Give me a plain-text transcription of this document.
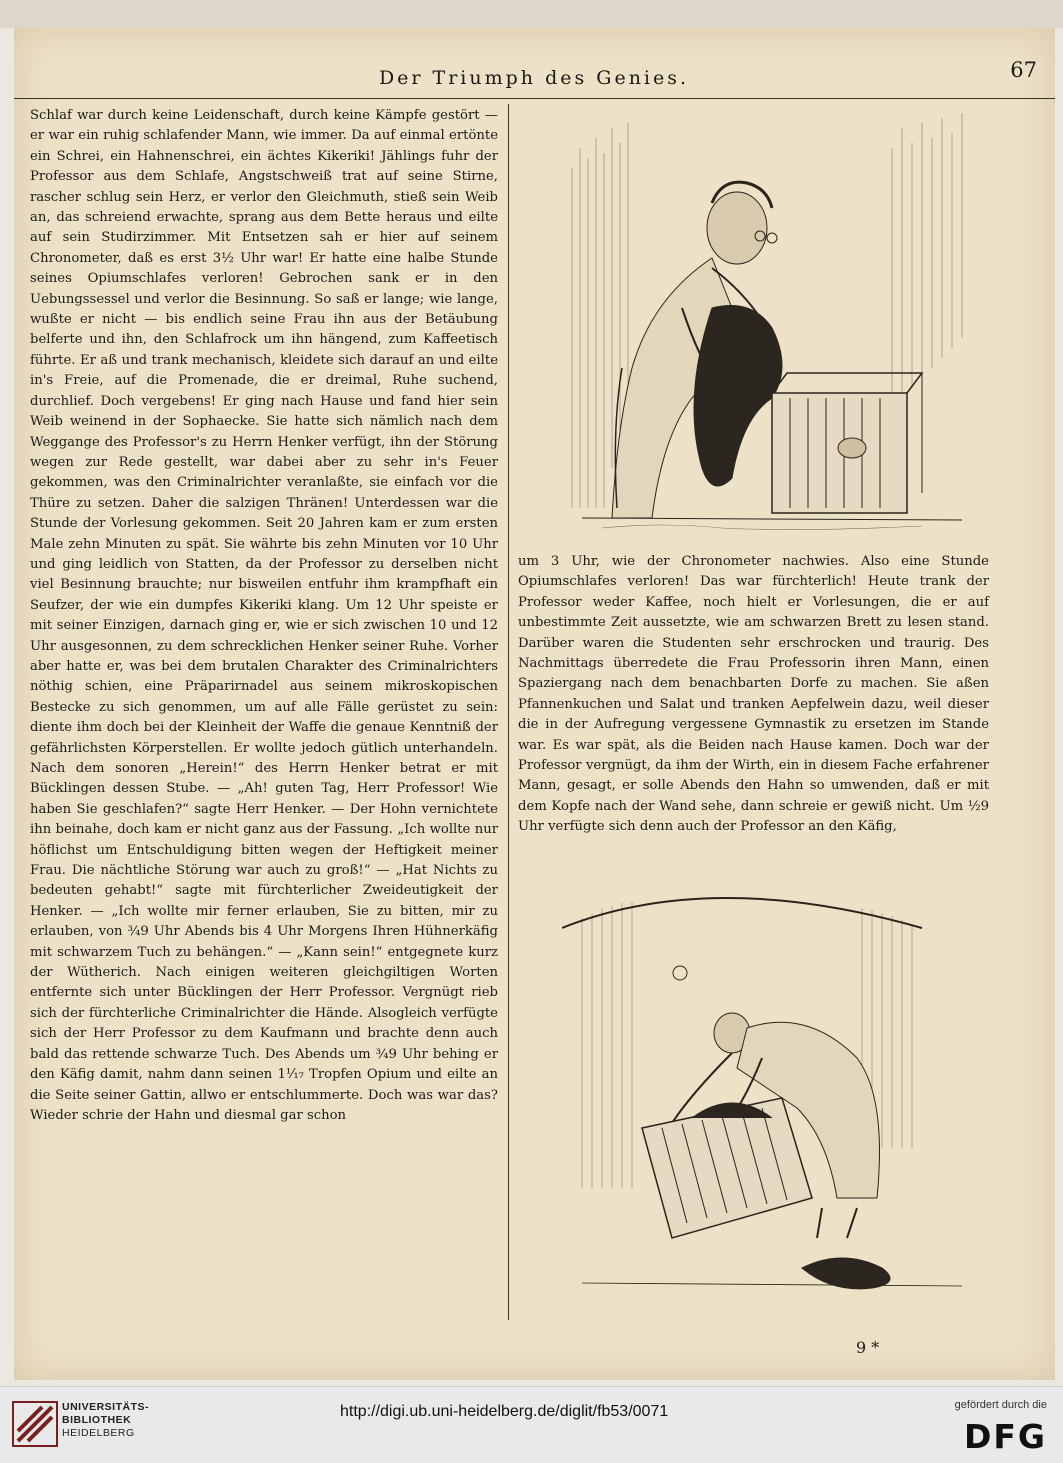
Der Triumph des Genies.	67

Schlaf war durch keine Leidenschaft, durch keine Kämpfe gestört — er war ein ruhig schlafender Mann, wie immer. Da auf einmal ertönte ein Schrei, ein Hahnenschrei, ein ächtes Kikeriki! Jählings fuhr der Professor aus dem Schlafe, Angstschweiß trat auf seine Stirne, rascher schlug sein Herz, er verlor den Gleichmuth, stieß sein Weib an, das schreiend erwachte, sprang aus dem Bette heraus und eilte auf sein Studirzimmer. Mit Entsetzen sah er hier auf seinem Chronometer, daß es erst 3½ Uhr war! Er hatte eine halbe Stunde seines Opiumschlafes verloren! Gebrochen sank er in den Uebungssessel und verlor die Besinnung. So saß er lange; wie lange, wußte er nicht — bis endlich seine Frau ihn aus der Betäubung belferte und ihn, den Schlafrock um ihn hängend, zum Kaffeetisch führte. Er aß und trank mechanisch, kleidete sich darauf an und eilte in's Freie, auf die Promenade, die er dreimal, Ruhe suchend, durchlief. Doch vergebens! Er ging nach Hause und fand hier sein Weib weinend in der Sophaecke. Sie hatte sich nämlich nach dem Weggange des Professor's zu Herrn Henker verfügt, ihn der Störung wegen zur Rede gestellt, war dabei aber zu sehr in's Feuer gekommen, was den Criminalrichter veranlaßte, sie einfach vor die Thüre zu setzen. Daher die salzigen Thränen! Unterdessen war die Stunde der Vorlesung gekommen. Seit 20 Jahren kam er zum ersten Male zehn Minuten zu spät. Sie währte bis zehn Minuten vor 10 Uhr und ging leidlich von Statten, da der Professor zu derselben nicht viel Besinnung brauchte; nur bisweilen entfuhr ihm krampfhaft ein Seufzer, der wie ein dumpfes Kikeriki klang. Um 12 Uhr speiste er mit seiner Einzigen, darnach ging er, wie er sich zwischen 10 und 12 Uhr ausgesonnen, zu dem schrecklichen Henker seiner Ruhe. Vorher aber hatte er, was bei dem brutalen Charakter des Criminalrichters nöthig schien, eine Präparirnadel aus seinem mikroskopischen Bestecke zu sich genommen, um auf alle Fälle gerüstet zu sein: diente ihm doch bei der Kleinheit der Waffe die genaue Kenntniß der gefährlichsten Körperstellen. Er wollte jedoch gütlich unterhandeln. Nach dem sonoren „Herein!“ des Herrn Henker betrat er mit Bücklingen dessen Stube. — „Ah! guten Tag, Herr Professor! Wie haben Sie geschlafen?“ sagte Herr Henker. — Der Hohn vernichtete ihn beinahe, doch kam er nicht ganz aus der Fassung. „Ich wollte nur höflichst um Entschuldigung bitten wegen der Heftigkeit meiner Frau. Die nächtliche Störung war auch zu groß!“ — „Hat Nichts zu bedeuten gehabt!“ sagte mit fürchterlicher Zweideutigkeit der Henker. — „Ich wollte mir ferner erlauben, Sie zu bitten, mir zu erlauben, von ¾9 Uhr Abends bis 4 Uhr Morgens Ihren Hühnerkäfig mit schwarzem Tuch zu behängen.“ — „Kann sein!“ entgegnete kurz der Wütherich. Nach einigen weiteren gleichgiltigen Worten entfernte sich unter Bücklingen der Herr Professor. Vergnügt rieb sich der fürchterliche Criminalrichter die Hände. Alsogleich verfügte sich der Herr Professor zu dem Kaufmann und brachte denn auch bald das rettende schwarze Tuch. Des Abends um ¾9 Uhr behing er den Käfig damit, nahm dann seinen 1¹⁄₁₇ Tropfen Opium und eilte an die Seite seiner Gattin, allwo er entschlummerte. Doch was war das? Wieder schrie der Hahn und diesmal gar schon

um 3 Uhr, wie der Chronometer nachwies. Also eine Stunde Opiumschlafes verloren! Das war fürchterlich! Heute trank der Professor weder Kaffee, noch hielt er Vorlesungen, die er auf unbestimmte Zeit aussetzte, wie am schwarzen Brett zu lesen stand. Darüber waren die Studenten sehr erschrocken und traurig. Des Nachmittags überredete die Frau Professorin ihren Mann, einen Spaziergang nach dem benachbarten Dorfe zu machen. Sie aßen Pfannenkuchen und Salat und tranken Aepfelwein dazu, weil dieser die in der Aufregung vergessene Gymnastik zu ersetzen im Stande war. Es war spät, als die Beiden nach Hause kamen. Doch war der Professor vergnügt, da ihm der Wirth, ein in diesem Fache erfahrener Mann, gesagt, er solle Abends den Hahn so umwenden, daß er mit dem Kopfe nach der Wand sehe, dann schreie er gewiß nicht. Um ½9 Uhr verfügte sich denn auch der Professor an den Käfig,

9 *
UNIVERSITÄTS-
BIBLIOTHEK
HEIDELBERG
http://digi.ub.uni-heidelberg.de/diglit/fb53/0071	gefördert durch die
DFG
